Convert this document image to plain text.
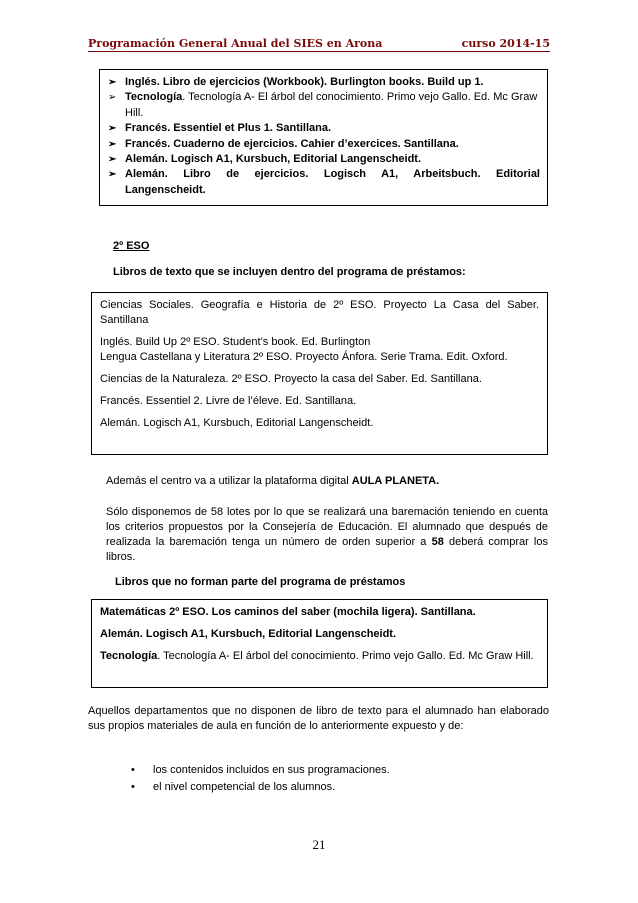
Programación General Anual del SIES en Arona	curso 2014-15
➢ Inglés. Libro de ejercicios (Workbook). Burlington books. Build up 1.
➢ Tecnología. Tecnología A- El árbol del conocimiento. Primo vejo Gallo. Ed. Mc Graw Hill.
➢ Francés. Essentiel et Plus 1. Santillana.
➢ Francés. Cuaderno de ejercicios. Cahier d’exercices. Santillana.
➢ Alemán. Logisch A1, Kursbuch, Editorial Langenscheidt.
➢ Alemán. Libro de ejercicios. Logisch A1, Arbeitsbuch. Editorial
Langenscheidt.
2º ESO
Libros de texto que se incluyen dentro del programa de préstamos:

Ciencias Sociales. Geografía e Historia de 2º ESO. Proyecto La Casa del Saber. Santillana

Inglés. Build Up 2º ESO. Student’s book. Ed. Burlington

Lengua Castellana y Literatura 2º ESO. Proyecto Ánfora. Serie Trama. Edit. Oxford.

Ciencias de la Naturaleza. 2º ESO. Proyecto la casa del Saber. Ed. Santillana.

Francés. Essentiel 2. Livre de l’éleve. Ed. Santillana.

Alemán. Logisch A1, Kursbuch, Editorial Langenscheidt.

Además el centro va a utilizar la plataforma digital AULA PLANETA.
Sólo disponemos de 58 lotes por lo que se realizará una baremación teniendo en cuenta los criterios propuestos por la Consejería de Educación. El alumnado que después de realizada la baremación tenga un número de orden superior a 58 deberá comprar los libros.
Libros que no forman parte del programa de préstamos

Matemáticas 2º ESO. Los caminos del saber (mochila ligera). Santillana.

Alemán. Logisch A1, Kursbuch, Editorial Langenscheidt.

Tecnología. Tecnología A- El árbol del conocimiento. Primo vejo Gallo. Ed. Mc Graw Hill.

Aquellos departamentos que no disponen de libro de texto para el alumnado han elaborado sus propios materiales de aula en función de lo anteriormente expuesto y de:
• los contenidos incluidos en sus programaciones.
• el nivel competencial de los alumnos.
21
